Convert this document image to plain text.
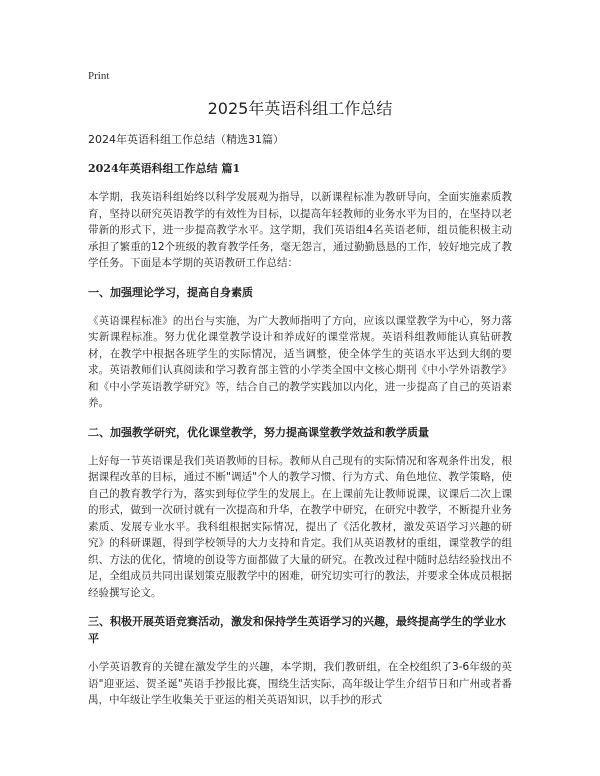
Print
2025年英语科组工作总结

2024年英语科组工作总结（精选31篇）

2024年英语科组工作总结 篇1

本学期，我英语科组始终以科学发展观为指导，以新课程标准为教研导向，全面实施素质教育，坚持以研究英语教学的有效性为目标，以提高年轻教师的业务水平为目的，在坚持以老带新的形式下，进一步提高教学水平。这学期，我们英语组4名英语老师，组员能积极主动承担了繁重的12个班级的教育教学任务，毫无怨言，通过勤勤恳恳的工作，较好地完成了教学任务。下面是本学期的英语教研工作总结：

一、加强理论学习，提高自身素质

《英语课程标准》的出台与实施，为广大教师指明了方向，应该以课堂教学为中心，努力落实新课程标准。努力优化课堂教学设计和养成好的课堂常规。英语科组教师能认真钻研教材，在教学中根据各班学生的实际情况，适当调整，使全体学生的英语水平达到大纲的要求。英语教师们认真阅读和学习教育部主管的小学类全国中文核心期刊《中小学外语教学》和《中小学英语教学研究》等，结合自己的教学实践加以内化，进一步提高了自己的英语素养。

二、加强教学研究，优化课堂教学，努力提高课堂教学效益和教学质量

上好每一节英语课是我们英语教师的目标。教师从自己现有的实际情况和客观条件出发，根据课程改革的目标，通过不断"调适"个人的教学习惯、行为方式、角色地位、教学策略，使自己的教育教学行为，落实到每位学生的发展上。在上课前先让教师说课，议课后二次上课的形式，做到一次研讨就有一次提高和升华，在教学中研究，在研究中教学，不断提升业务素质、发展专业水平。我科组根据实际情况，提出了《活化教材，激发英语学习兴趣的研究》的科研课题，得到学校领导的大力支持和肯定。我们从英语教材的重组，课堂教学的组织、方法的优化，情境的创设等方面都做了大量的研究。在教改过程中随时总结经验找出不足，全组成员共同出谋划策克服教学中的困难，研究切实可行的教法，并要求全体成员根据经验撰写论文。

三、积极开展英语竞赛活动，激发和保持学生英语学习的兴趣，最终提高学生的学业水平

小学英语教育的关键在激发学生的兴趣，本学期，我们教研组，在全校组织了3-6年级的英语"迎亚运、贺圣诞"英语手抄报比赛，围绕生活实际，高年级让学生介绍节日和广州或者番禺，中年级让学生收集关于亚运的相关英语知识，以手抄的形式
